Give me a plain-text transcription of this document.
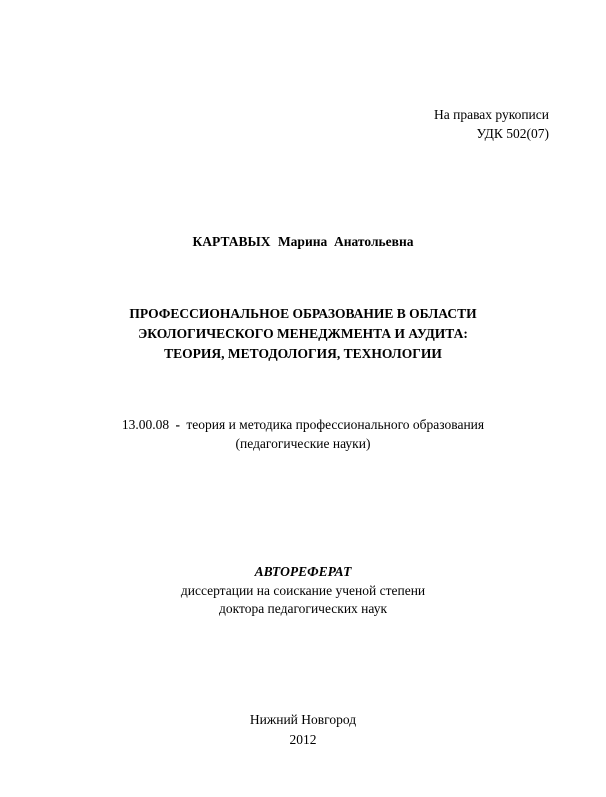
На правах рукописи
УДК 502(07)
КАРТАВЫХ Марина  Анатольевна
ПРОФЕССИОНАЛЬНОЕ ОБРАЗОВАНИЕ В ОБЛАСТИ
ЭКОЛОГИЧЕСКОГО МЕНЕДЖМЕНТА И АУДИТА:
ТЕОРИЯ, МЕТОДОЛОГИЯ, ТЕХНОЛОГИИ
13.00.08 - теория и методика профессионального образования
(педагогические науки)
АВТОРЕФЕРАТ
диссертации на соискание ученой степени
доктора педагогических наук
Нижний Новгород
2012
